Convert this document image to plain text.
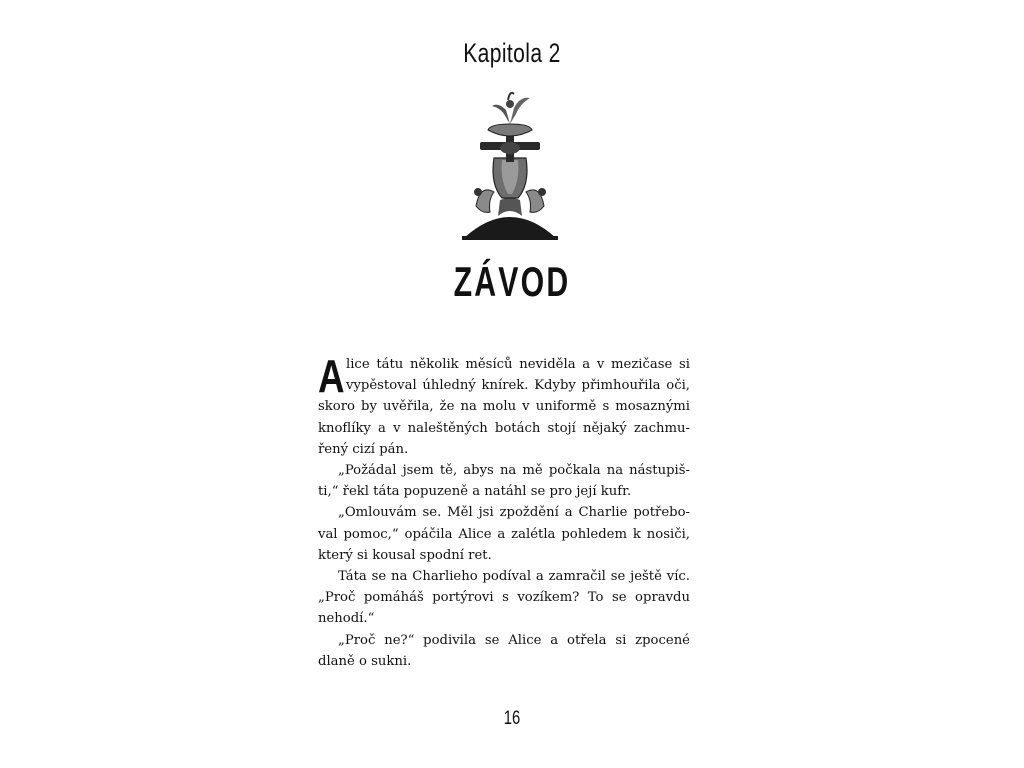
Kapitola 2
ZÁVOD

Alice tátu několik měsíců neviděla a v mezičase si vypěstoval úhledný knírek. Kdyby přimhouřila oči, skoro by uvěřila, že na molu v uniformě s mosaznými knoflíky a v naleštěných botách stojí nějaký zachmuřený cizí pán.

„Požádal jsem tě, abys na mě počkala na nástupišti,“ řekl táta popuzeně a natáhl se pro její kufr.

„Omlouvám se. Měl jsi zpoždění a Charlie potřeboval pomoc,“ opáčila Alice a zalétla pohledem k nosiči, který si kousal spodní ret.

Táta se na Charlieho podíval a zamračil se ještě víc. „Proč pomáháš portýrovi s vozíkem? To se opravdu nehodí.“

„Proč ne?“ podivila se Alice a otřela si zpocené dlaně o sukni.

16
